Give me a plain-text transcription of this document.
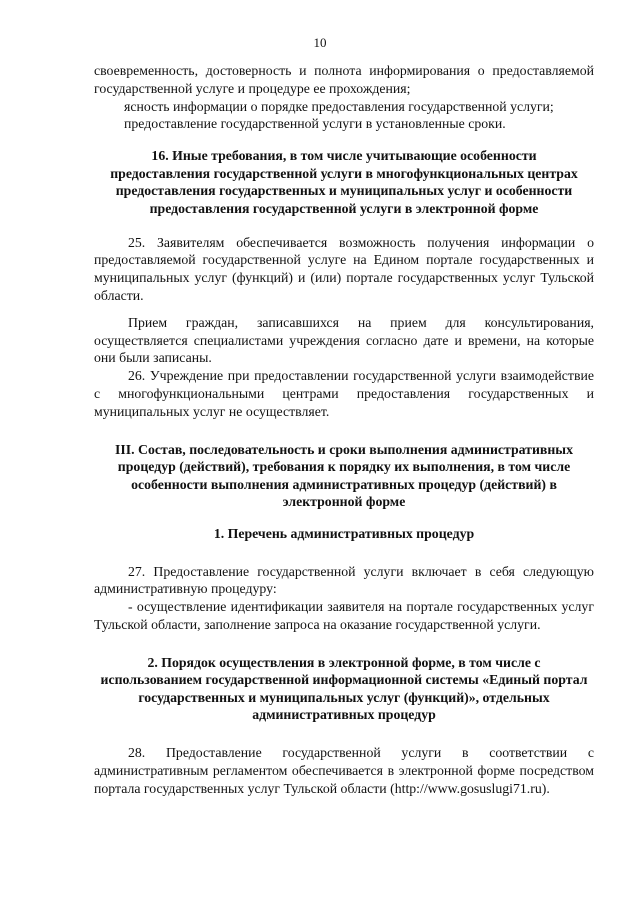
10

своевременность, достоверность и полнота информирования о предоставляемой государственной услуге и процедуре ее прохождения;

ясность информации о порядке предоставления государственной услуги;

предоставление государственной услуги в установленные сроки.

16. Иные требования, в том числе учитывающие особенности предоставления государственной услуги в многофункциональных центрах предоставления государственных и муниципальных услуг и особенности предоставления государственной услуги в электронной форме

25. Заявителям обеспечивается возможность получения информации о предоставляемой государственной услуге на Едином портале государственных и муниципальных услуг (функций) и (или) портале государственных услуг Тульской области.

Прием граждан, записавшихся на прием для консультирования, осуществляется специалистами учреждения согласно дате и времени, на которые они были записаны.

26. Учреждение при предоставлении государственной услуги взаимодействие с многофункциональными центрами предоставления государственных и муниципальных услуг не осуществляет.

III. Состав, последовательность и сроки выполнения административных процедур (действий), требования к порядку их выполнения, в том числе особенности выполнения административных процедур (действий) в электронной форме
1. Перечень административных процедур

27. Предоставление государственной услуги включает в себя следующую административную процедуру:

- осуществление идентификации заявителя на портале государственных услуг Тульской области, заполнение запроса на оказание государственной услуги.

2. Порядок осуществления в электронной форме, в том числе с использованием государственной информационной системы «Единый портал государственных и муниципальных услуг (функций)», отдельных административных процедур

28. Предоставление государственной услуги в соответствии с административным регламентом обеспечивается в электронной форме посредством портала государственных услуг Тульской области (http://www.gosuslugi71.ru).
